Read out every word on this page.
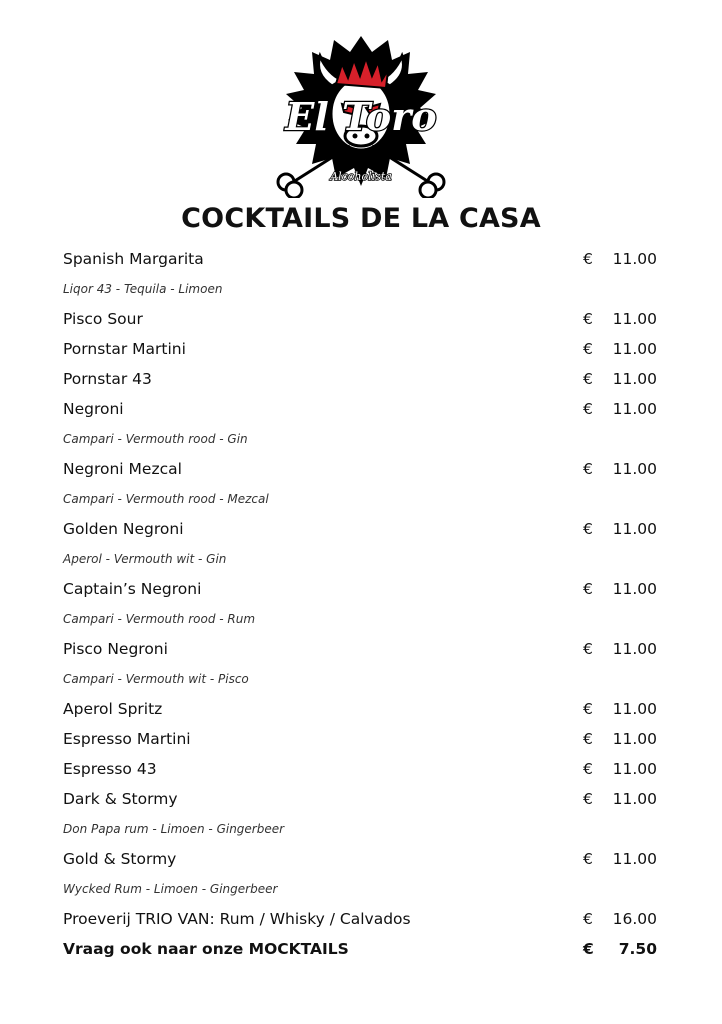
El Toro
Alcoholista
COCKTAILS DE LA CASA
Spanish Margarita	€ 11.00
Liqor 43 - Tequila - Limoen
Pisco Sour	€ 11.00
Pornstar Martini	€ 11.00
Pornstar 43	€ 11.00
Negroni	€ 11.00
Campari - Vermouth rood - Gin
Negroni Mezcal	€ 11.00
Campari - Vermouth rood - Mezcal
Golden Negroni	€ 11.00
Aperol - Vermouth wit - Gin
Captain’s Negroni	€ 11.00
Campari - Vermouth rood - Rum
Pisco Negroni	€ 11.00
Campari - Vermouth wit - Pisco
Aperol Spritz	€ 11.00
Espresso Martini	€ 11.00
Espresso 43	€ 11.00
Dark & Stormy	€ 11.00
Don Papa rum - Limoen - Gingerbeer
Gold & Stormy	€ 11.00
Wycked Rum - Limoen - Gingerbeer
Proeverij TRIO VAN: Rum / Whisky / Calvados	€ 16.00
Vraag ook naar onze MOCKTAILS	€ 7.50
